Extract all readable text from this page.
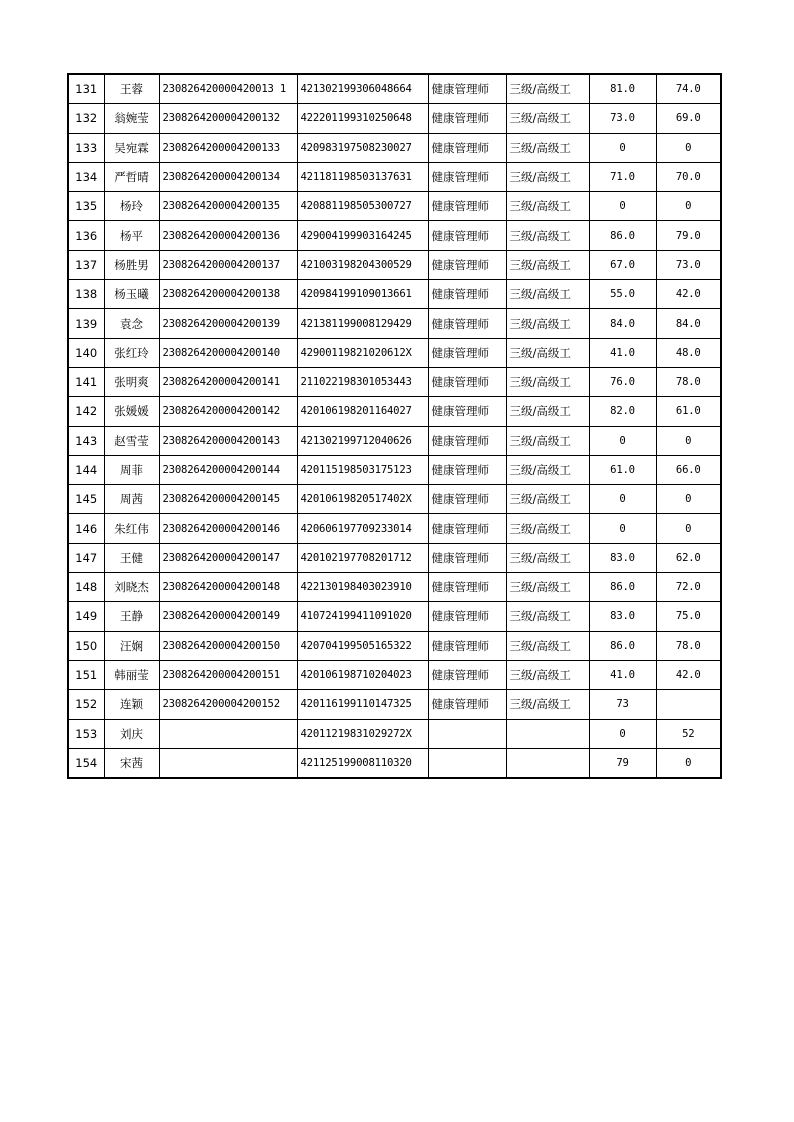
131	王蓉	230826420000420013 1	421302199306048664	健康管理师	三级/高级工	81.0	74.0
132	翁婉莹	2308264200004200132	422201199310250648	健康管理师	三级/高级工	73.0	69.0
133	吴宛霖	2308264200004200133	420983197508230027	健康管理师	三级/高级工	0	0
134	严哲晴	2308264200004200134	421181198503137631	健康管理师	三级/高级工	71.0	70.0
135	杨玲	2308264200004200135	420881198505300727	健康管理师	三级/高级工	0	0
136	杨平	2308264200004200136	429004199903164245	健康管理师	三级/高级工	86.0	79.0
137	杨胜男	2308264200004200137	421003198204300529	健康管理师	三级/高级工	67.0	73.0
138	杨玉曦	2308264200004200138	420984199109013661	健康管理师	三级/高级工	55.0	42.0
139	袁念	2308264200004200139	421381199008129429	健康管理师	三级/高级工	84.0	84.0
140	张红玲	2308264200004200140	42900119821020612X	健康管理师	三级/高级工	41.0	48.0
141	张明爽	2308264200004200141	211022198301053443	健康管理师	三级/高级工	76.0	78.0
142	张媛媛	2308264200004200142	420106198201164027	健康管理师	三级/高级工	82.0	61.0
143	赵雪莹	2308264200004200143	421302199712040626	健康管理师	三级/高级工	0	0
144	周菲	2308264200004200144	420115198503175123	健康管理师	三级/高级工	61.0	66.0
145	周茜	2308264200004200145	42010619820517402X	健康管理师	三级/高级工	0	0
146	朱红伟	2308264200004200146	420606197709233014	健康管理师	三级/高级工	0	0
147	王健	2308264200004200147	420102197708201712	健康管理师	三级/高级工	83.0	62.0
148	刘晓杰	2308264200004200148	422130198403023910	健康管理师	三级/高级工	86.0	72.0
149	王静	2308264200004200149	410724199411091020	健康管理师	三级/高级工	83.0	75.0
150	汪娴	2308264200004200150	420704199505165322	健康管理师	三级/高级工	86.0	78.0
151	韩丽莹	2308264200004200151	420106198710204023	健康管理师	三级/高级工	41.0	42.0
152	连颖	2308264200004200152	420116199110147325	健康管理师	三级/高级工	73	
153	刘庆		42011219831029272X			0	52
154	宋茜		421125199008110320			79	0
